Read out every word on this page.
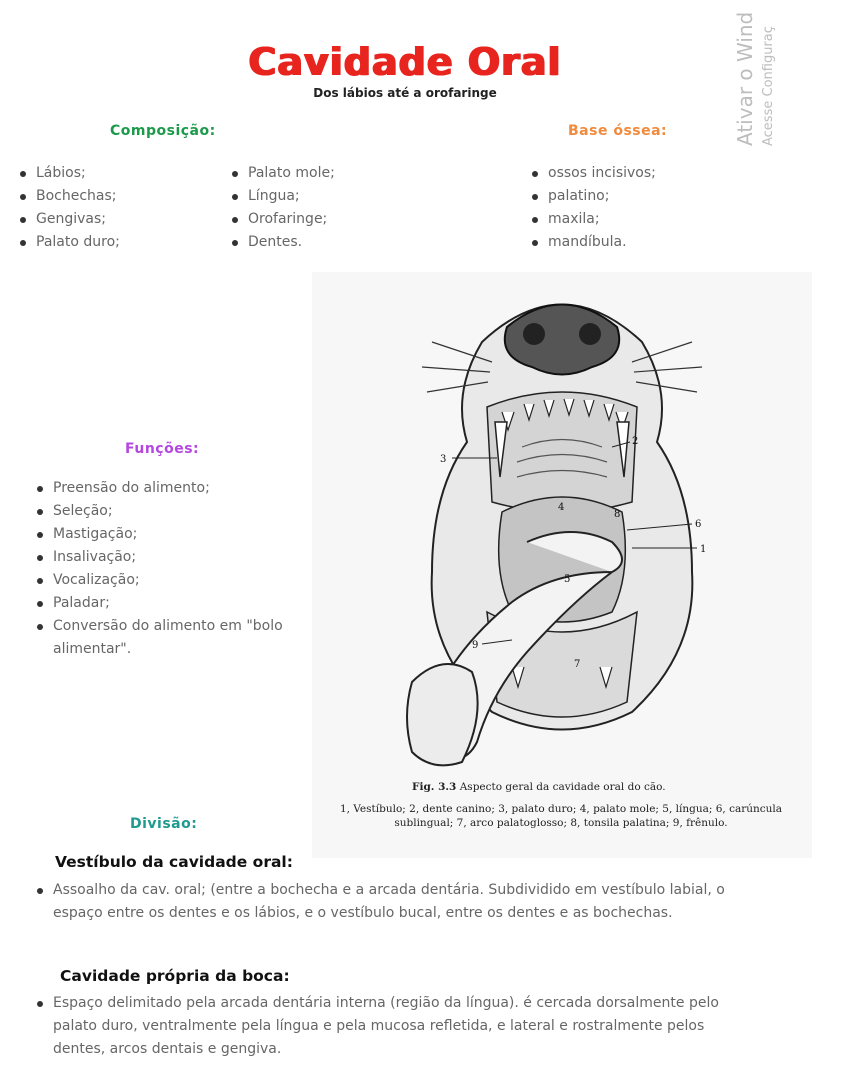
Cavidade Oral
Dos lábios até a orofaringe	Ativar o Wind Acesse Configuraç
Composição:
Lábios;
Bochechas;
Gengivas;
Palato duro;
Palato mole;
Língua;
Orofaringe;
Dentes.
Base óssea:
ossos incisivos;
palatino;
maxila;
mandíbula.
Funções:
Preensão do alimento;
Seleção;
Mastigação;
Insalivação;
Vocalização;
Paladar;
Conversão do alimento em "bolo alimentar".
3
2
4
1
6
5
9
7
8
Fig. 3.3 Aspecto geral da cavidade oral do cão.
1, Vestíbulo; 2, dente canino; 3, palato duro; 4, palato mole; 5, língua; 6, carúncula sublingual; 7, arco palatoglosso; 8, tonsila palatina; 9, frênulo.
Divisão:
Vestíbulo da cavidade oral:
Assoalho da cav. oral; (entre a bochecha e a arcada dentária. Subdividido em vestíbulo labial, o espaço entre os dentes e os lábios, e o vestíbulo bucal, entre os dentes e as bochechas.
Cavidade própria da boca:
Espaço delimitado pela arcada dentária interna (região da língua). é cercada dorsalmente pelo palato duro, ventralmente pela língua e pela mucosa refletida, e lateral e rostralmente pelos dentes, arcos dentais e gengiva.
